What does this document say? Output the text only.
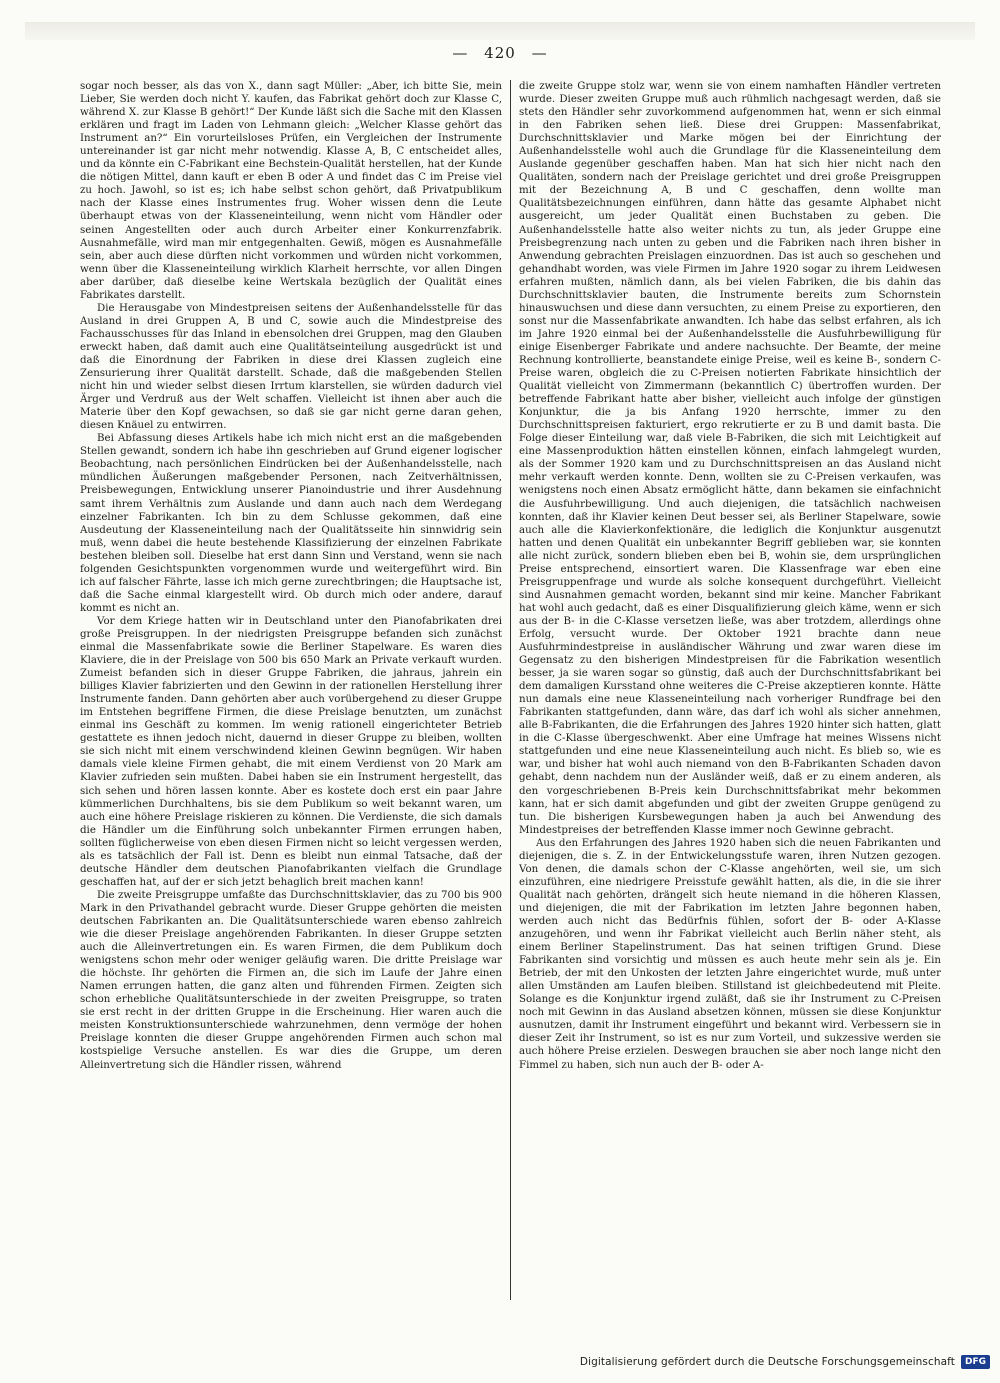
— 420 —

sogar noch besser, als das von X., dann sagt Müller: „Aber, ich bitte Sie, mein Lieber, Sie werden doch nicht Y. kaufen, das Fabrikat gehört doch zur Klasse C, während X. zur Klasse B gehört!“ Der Kunde läßt sich die Sache mit den Klassen erklären und fragt im Laden von Lehmann gleich: „Welcher Klasse gehört das Instrument an?“ Ein vorurteilsloses Prüfen, ein Vergleichen der Instrumente untereinander ist gar nicht mehr notwendig. Klasse A, B, C entscheidet alles, und da könnte ein C-Fabrikant eine Bechstein-Qualität herstellen, hat der Kunde die nötigen Mittel, dann kauft er eben B oder A und findet das C im Preise viel zu hoch. Jawohl, so ist es; ich habe selbst schon gehört, daß Privatpublikum nach der Klasse eines Instrumentes frug. Woher wissen denn die Leute überhaupt etwas von der Klasseneinteilung, wenn nicht vom Händler oder seinen Angestellten oder auch durch Arbeiter einer Konkurrenzfabrik. Ausnahmefälle, wird man mir entgegenhalten. Gewiß, mögen es Ausnahmefälle sein, aber auch diese dürften nicht vorkommen und würden nicht vorkommen, wenn über die Klasseneinteilung wirklich Klarheit herrschte, vor allen Dingen aber darüber, daß dieselbe keine Wertskala bezüglich der Qualität eines Fabrikates darstellt.

Die Herausgabe von Mindestpreisen seitens der Außenhandelsstelle für das Ausland in drei Gruppen A, B und C, sowie auch die Mindestpreise des Fachausschusses für das Inland in ebensolchen drei Gruppen, mag den Glauben erweckt haben, daß damit auch eine Qualitätseinteilung ausgedrückt ist und daß die Einordnung der Fabriken in diese drei Klassen zugleich eine Zensurierung ihrer Qualität darstellt. Schade, daß die maßgebenden Stellen nicht hin und wieder selbst diesen Irrtum klarstellen, sie würden dadurch viel Ärger und Verdruß aus der Welt schaffen. Vielleicht ist ihnen aber auch die Materie über den Kopf gewachsen, so daß sie gar nicht gerne daran gehen, diesen Knäuel zu entwirren.

Bei Abfassung dieses Artikels habe ich mich nicht erst an die maßgebenden Stellen gewandt, sondern ich habe ihn geschrieben auf Grund eigener logischer Beobachtung, nach persönlichen Eindrücken bei der Außenhandelsstelle, nach mündlichen Äußerungen maßgebender Personen, nach Zeitverhältnissen, Preisbewegungen, Entwicklung unserer Pianoindustrie und ihrer Ausdehnung samt ihrem Verhältnis zum Auslande und dann auch nach dem Werdegang einzelner Fabrikanten. Ich bin zu dem Schlusse gekommen, daß eine Ausdeutung der Klasseneinteilung nach der Qualitätsseite hin sinnwidrig sein muß, wenn dabei die heute bestehende Klassifizierung der einzelnen Fabrikate bestehen bleiben soll. Dieselbe hat erst dann Sinn und Verstand, wenn sie nach folgenden Gesichtspunkten vorgenommen wurde und weitergeführt wird. Bin ich auf falscher Fährte, lasse ich mich gerne zurechtbringen; die Hauptsache ist, daß die Sache einmal klargestellt wird. Ob durch mich oder andere, darauf kommt es nicht an.

Vor dem Kriege hatten wir in Deutschland unter den Pianofabrikaten drei große Preisgruppen. In der niedrigsten Preisgruppe befanden sich zunächst einmal die Massenfabrikate sowie die Berliner Stapelware. Es waren dies Klaviere, die in der Preislage von 500 bis 650 Mark an Private verkauft wurden. Zumeist befanden sich in dieser Gruppe Fabriken, die jahraus, jahrein ein billiges Klavier fabrizierten und den Gewinn in der rationellen Herstellung ihrer Instrumente fanden. Dann gehörten aber auch vorübergehend zu dieser Gruppe im Entstehen begriffene Firmen, die diese Preislage benutzten, um zunächst einmal ins Geschäft zu kommen. Im wenig rationell eingerichteter Betrieb gestattete es ihnen jedoch nicht, dauernd in dieser Gruppe zu bleiben, wollten sie sich nicht mit einem verschwindend kleinen Gewinn begnügen. Wir haben damals viele kleine Firmen gehabt, die mit einem Verdienst von 20 Mark am Klavier zufrieden sein mußten. Dabei haben sie ein Instrument hergestellt, das sich sehen und hören lassen konnte. Aber es kostete doch erst ein paar Jahre kümmerlichen Durchhaltens, bis sie dem Publikum so weit bekannt waren, um auch eine höhere Preislage riskieren zu können. Die Verdienste, die sich damals die Händler um die Einführung solch unbekannter Firmen errungen haben, sollten füglicherweise von eben diesen Firmen nicht so leicht vergessen werden, als es tatsächlich der Fall ist. Denn es bleibt nun einmal Tatsache, daß der deutsche Händler dem deutschen Pianofabrikanten vielfach die Grundlage geschaffen hat, auf der er sich jetzt behaglich breit machen kann!

Die zweite Preisgruppe umfaßte das Durchschnittsklavier, das zu 700 bis 900 Mark in den Privathandel gebracht wurde. Dieser Gruppe gehörten die meisten deutschen Fabrikanten an. Die Qualitätsunterschiede waren ebenso zahlreich wie die dieser Preislage angehörenden Fabrikanten. In dieser Gruppe setzten auch die Alleinvertretungen ein. Es waren Firmen, die dem Publikum doch wenigstens schon mehr oder weniger geläufig waren. Die dritte Preislage war die höchste. Ihr gehörten die Firmen an, die sich im Laufe der Jahre einen Namen errungen hatten, die ganz alten und führenden Firmen. Zeigten sich schon erhebliche Qualitätsunterschiede in der zweiten Preisgruppe, so traten sie erst recht in der dritten Gruppe in die Erscheinung. Hier waren auch die meisten Konstruktionsunterschiede wahrzunehmen, denn vermöge der hohen Preislage konnten die dieser Gruppe angehörenden Firmen auch schon mal kostspielige Versuche anstellen. Es war dies die Gruppe, um deren Alleinvertretung sich die Händler rissen, während

die zweite Gruppe stolz war, wenn sie von einem namhaften Händler vertreten wurde. Dieser zweiten Gruppe muß auch rühmlich nachgesagt werden, daß sie stets den Händler sehr zuvorkommend aufgenommen hat, wenn er sich einmal in den Fabriken sehen ließ. Diese drei Gruppen: Massenfabrikat, Durchschnittsklavier und Marke mögen bei der Einrichtung der Außenhandelsstelle wohl auch die Grundlage für die Klasseneinteilung dem Auslande gegenüber geschaffen haben. Man hat sich hier nicht nach den Qualitäten, sondern nach der Preislage gerichtet und drei große Preisgruppen mit der Bezeichnung A, B und C geschaffen, denn wollte man Qualitätsbezeichnungen einführen, dann hätte das gesamte Alphabet nicht ausgereicht, um jeder Qualität einen Buchstaben zu geben. Die Außenhandelsstelle hatte also weiter nichts zu tun, als jeder Gruppe eine Preisbegrenzung nach unten zu geben und die Fabriken nach ihren bisher in Anwendung gebrachten Preislagen einzuordnen. Das ist auch so geschehen und gehandhabt worden, was viele Firmen im Jahre 1920 sogar zu ihrem Leidwesen erfahren mußten, nämlich dann, als bei vielen Fabriken, die bis dahin das Durchschnittsklavier bauten, die Instrumente bereits zum Schornstein hinauswuchsen und diese dann versuchten, zu einem Preise zu exportieren, den sonst nur die Massenfabrikate anwandten. Ich habe das selbst erfahren, als ich im Jahre 1920 einmal bei der Außenhandelsstelle die Ausfuhrbewilligung für einige Eisenberger Fabrikate und andere nachsuchte. Der Beamte, der meine Rechnung kontrollierte, beanstandete einige Preise, weil es keine B-, sondern C-Preise waren, obgleich die zu C-Preisen notierten Fabrikate hinsichtlich der Qualität vielleicht von Zimmermann (bekanntlich C) übertroffen wurden. Der betreffende Fabrikant hatte aber bisher, vielleicht auch infolge der günstigen Konjunktur, die ja bis Anfang 1920 herrschte, immer zu den Durchschnittspreisen fakturiert, ergo rekrutierte er zu B und damit basta. Die Folge dieser Einteilung war, daß viele B-Fabriken, die sich mit Leichtigkeit auf eine Massenproduktion hätten einstellen können, einfach lahmgelegt wurden, als der Sommer 1920 kam und zu Durchschnittspreisen an das Ausland nicht mehr verkauft werden konnte. Denn, wollten sie zu C-Preisen verkaufen, was wenigstens noch einen Absatz ermöglicht hätte, dann bekamen sie einfachnicht die Ausfuhrbewilligung. Und auch diejenigen, die tatsächlich nachweisen konnten, daß ihr Klavier keinen Deut besser sei, als Berliner Stapelware, sowie auch alle die Klavierkonfektionäre, die lediglich die Konjunktur ausgenutzt hatten und denen Qualität ein unbekannter Begriff geblieben war, sie konnten alle nicht zurück, sondern blieben eben bei B, wohin sie, dem ursprünglichen Preise entsprechend, einsortiert waren. Die Klassenfrage war eben eine Preisgruppenfrage und wurde als solche konsequent durchgeführt. Vielleicht sind Ausnahmen gemacht worden, bekannt sind mir keine. Mancher Fabrikant hat wohl auch gedacht, daß es einer Disqualifizierung gleich käme, wenn er sich aus der B- in die C-Klasse versetzen ließe, was aber trotzdem, allerdings ohne Erfolg, versucht wurde. Der Oktober 1921 brachte dann neue Ausfuhrmindestpreise in ausländischer Währung und zwar waren diese im Gegensatz zu den bisherigen Mindestpreisen für die Fabrikation wesentlich besser, ja sie waren sogar so günstig, daß auch der Durchschnittsfabrikant bei dem damaligen Kursstand ohne weiteres die C-Preise akzeptieren konnte. Hätte nun damals eine neue Klasseneinteilung nach vorheriger Rundfrage bei den Fabrikanten stattgefunden, dann wäre, das darf ich wohl als sicher annehmen, alle B-Fabrikanten, die die Erfahrungen des Jahres 1920 hinter sich hatten, glatt in die C-Klasse übergeschwenkt. Aber eine Umfrage hat meines Wissens nicht stattgefunden und eine neue Klasseneinteilung auch nicht. Es blieb so, wie es war, und bisher hat wohl auch niemand von den B-Fabrikanten Schaden davon gehabt, denn nachdem nun der Ausländer weiß, daß er zu einem anderen, als den vorgeschriebenen B-Preis kein Durchschnittsfabrikat mehr bekommen kann, hat er sich damit abgefunden und gibt der zweiten Gruppe genügend zu tun. Die bisherigen Kursbewegungen haben ja auch bei Anwendung des Mindestpreises der betreffenden Klasse immer noch Gewinne gebracht.

Aus den Erfahrungen des Jahres 1920 haben sich die neuen Fabrikanten und diejenigen, die s. Z. in der Entwickelungsstufe waren, ihren Nutzen gezogen. Von denen, die damals schon der C-Klasse angehörten, weil sie, um sich einzuführen, eine niedrigere Preisstufe gewählt hatten, als die, in die sie ihrer Qualität nach gehörten, drängelt sich heute niemand in die höheren Klassen, und diejenigen, die mit der Fabrikation im letzten Jahre begonnen haben, werden auch nicht das Bedürfnis fühlen, sofort der B- oder A-Klasse anzugehören, und wenn ihr Fabrikat vielleicht auch Berlin näher steht, als einem Berliner Stapelinstrument. Das hat seinen triftigen Grund. Diese Fabrikanten sind vorsichtig und müssen es auch heute mehr sein als je. Ein Betrieb, der mit den Unkosten der letzten Jahre eingerichtet wurde, muß unter allen Umständen am Laufen bleiben. Stillstand ist gleichbedeutend mit Pleite. Solange es die Konjunktur irgend zuläßt, daß sie ihr Instrument zu C-Preisen noch mit Gewinn in das Ausland absetzen können, müssen sie diese Konjunktur ausnutzen, damit ihr Instrument eingeführt und bekannt wird. Verbessern sie in dieser Zeit ihr Instrument, so ist es nur zum Vorteil, und sukzessive werden sie auch höhere Preise erzielen. Deswegen brauchen sie aber noch lange nicht den Fimmel zu haben, sich nun auch der B- oder A-

Digitalisierung gefördert durch die Deutsche Forschungsgemeinschaft	DFG
